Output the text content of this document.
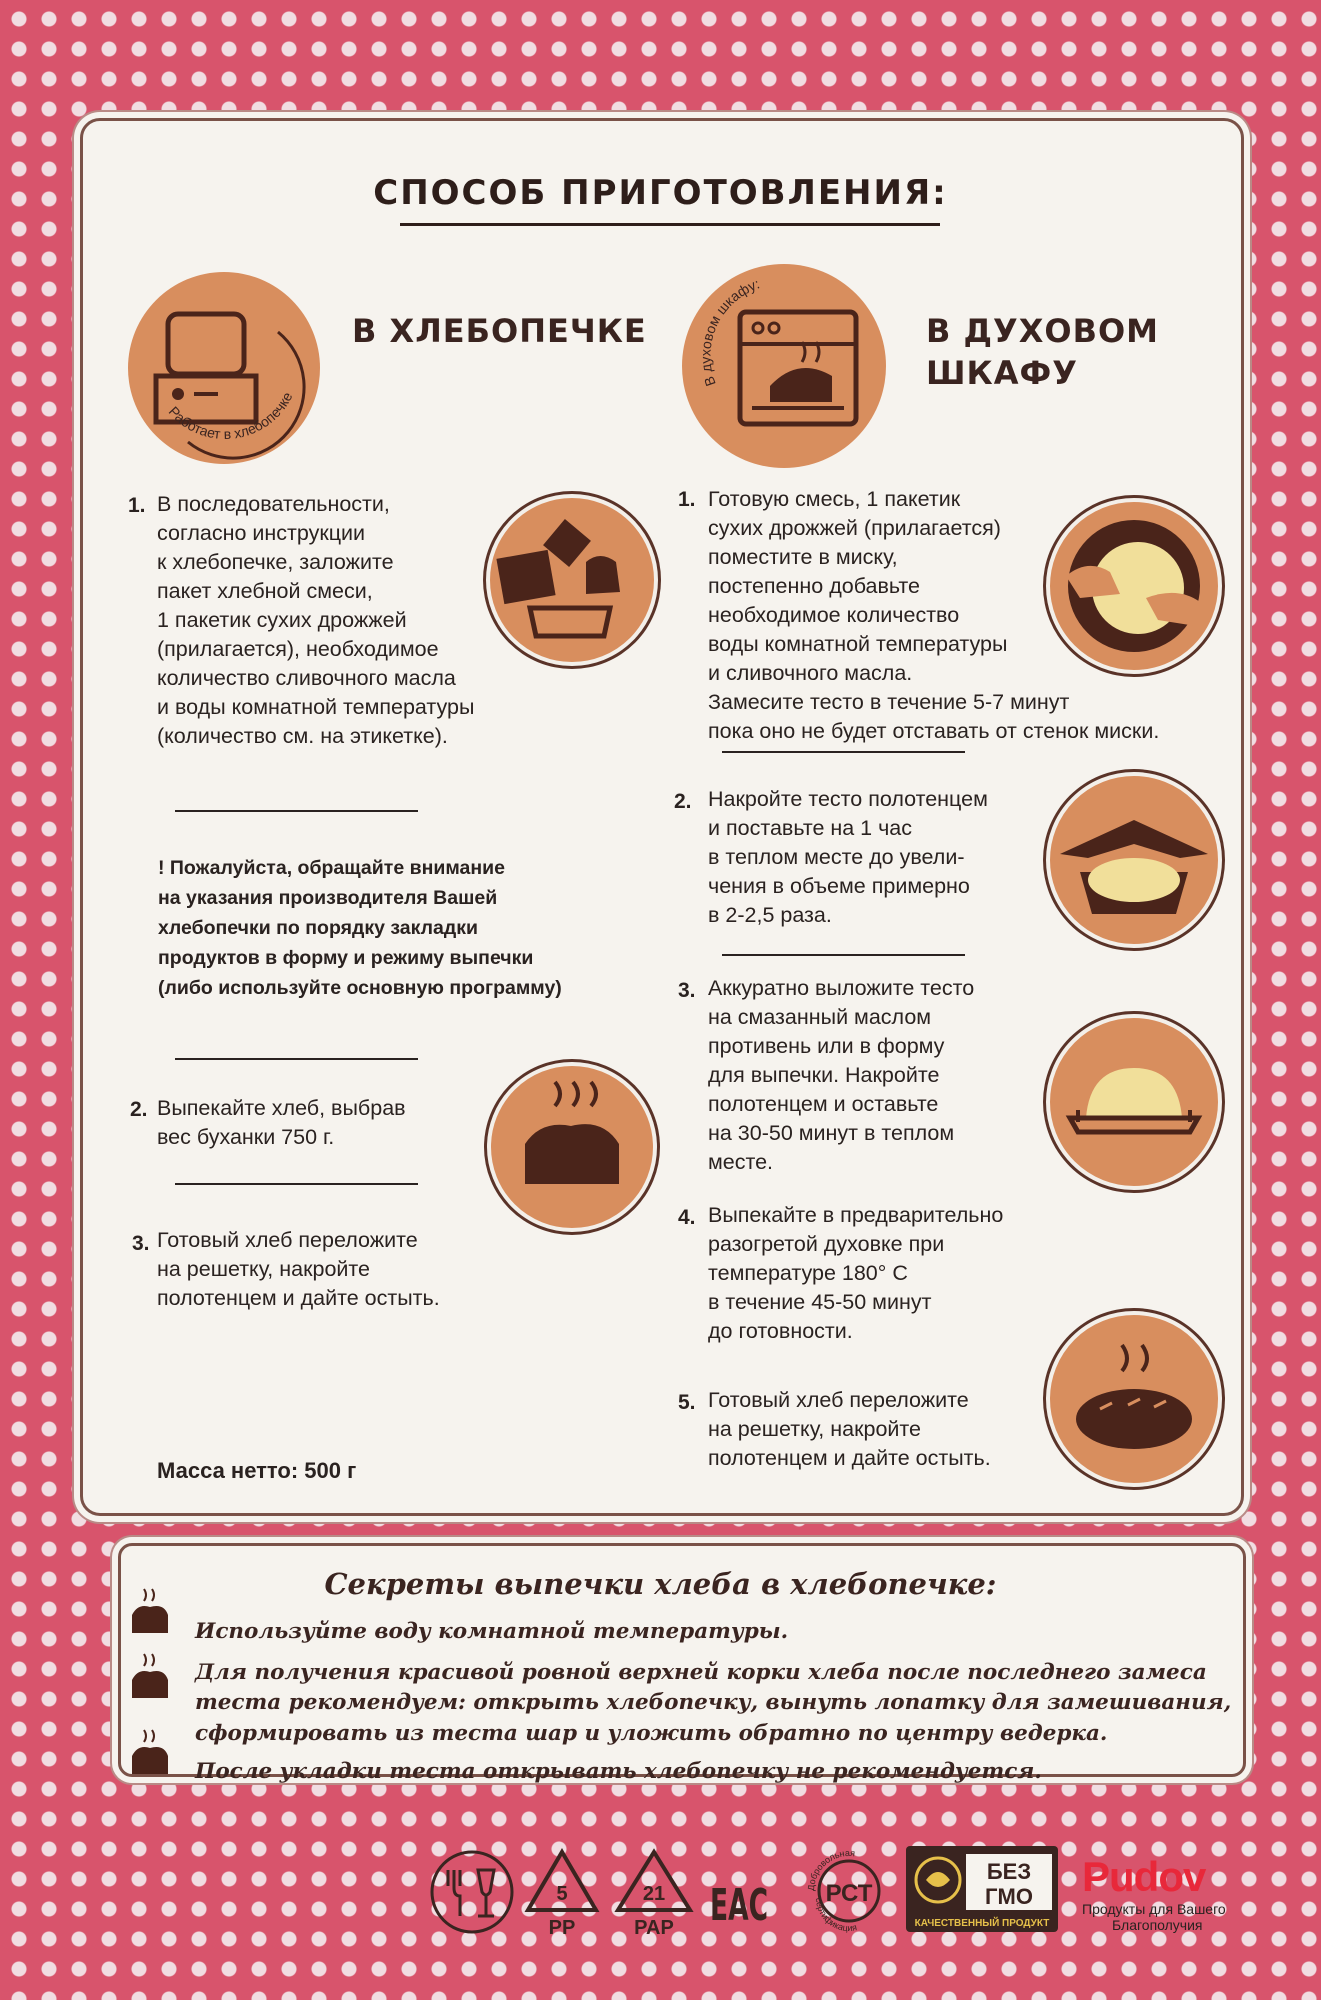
СПОСОБ ПРИГОТОВЛЕНИЯ:
Работает в хлебопечке
В ХЛЕБОПЕЧКЕ
В духовом шкафу:
В ДУХОВОМ
ШКАФУ
1. В последовательности,
согласно инструкции
к хлебопечке, заложите
пакет хлебной смеси,
1 пакетик сухих дрожжей
(прилагается), необходимое
количество сливочного масла
и воды комнатной температуры
(количество см. на этикетке).
! Пожалуйста, обращайте внимание
на указания производителя Вашей
хлебопечки по порядку закладки
продуктов в форму и режиму выпечки
(либо используйте основную программу)
2. Выпекайте хлеб, выбрав
вес буханки 750 г.
3. Готовый хлеб переложите
на решетку, накройте
полотенцем и дайте остыть.
Масса нетто: 500 г
1. Готовую смесь, 1 пакетик
сухих дрожжей (прилагается)
поместите в миску,
постепенно добавьте
необходимое количество
воды комнатной температуры
и сливочного масла.
Замесите тесто в течение 5-7 минут
пока оно не будет отставать от стенок миски.
2. Накройте тесто полотенцем
и поставьте на 1 час
в теплом месте до увели-
чения в объеме примерно
в 2-2,5 раза.
3. Аккуратно выложите тесто
на смазанный маслом
противень или в форму
для выпечки. Накройте
полотенцем и оставьте
на 30-50 минут в теплом
месте.
4. Выпекайте в предварительно
разогретой духовке при
температуре 180° С
в течение 45-50 минут
до готовности.
5. Готовый хлеб переложите
на решетку, накройте
полотенцем и дайте остыть.
Секреты выпечки хлеба в хлебопечке:
Используйте воду комнатной температуры.
Для получения красивой ровной верхней корки хлеба после последнего замеса
теста рекомендуем: открыть хлебопечку, вынуть лопатку для замешивания,
сформировать из теста шар и уложить обратно по центру ведерка.
После укладки теста открывать хлебопечку не рекомендуется.
5
PP
21
PAP EAC РСТ
Добровольная
сертификация
БЕЗ
ГМО
КАЧЕСТВЕННЫЙ ПРОДУКТ
Pudov
Продукты для Вашего
Благополучия
